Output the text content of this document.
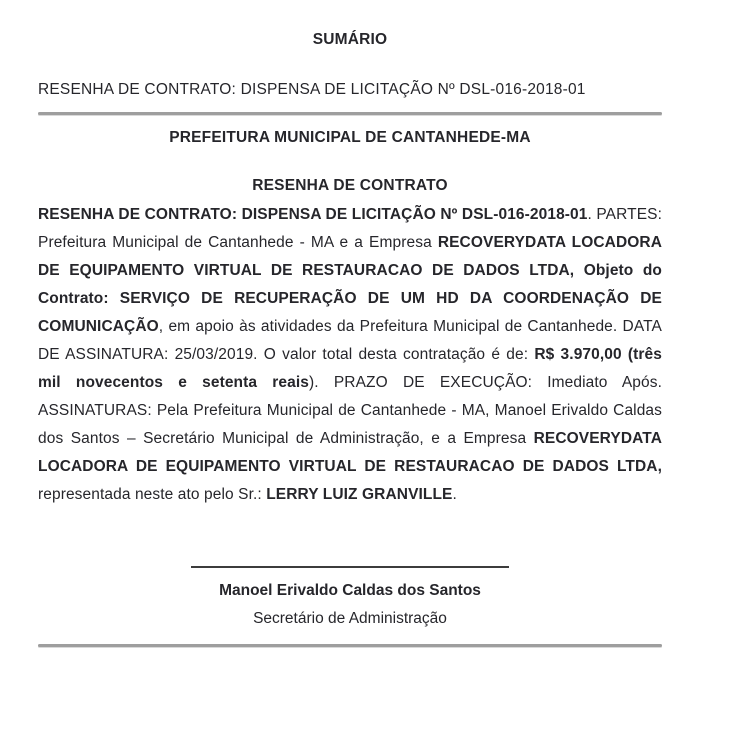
SUMÁRIO
RESENHA DE CONTRATO: DISPENSA DE LICITAÇÃO Nº DSL-016-2018-01
PREFEITURA MUNICIPAL DE CANTANHEDE-MA
RESENHA DE CONTRATO

RESENHA DE CONTRATO: DISPENSA DE LICITAÇÃO Nº DSL-016-2018-01. PARTES: Prefeitura Municipal de Cantanhede - MA e a Empresa RECOVERYDATA LOCADORA DE EQUIPAMENTO VIRTUAL DE RESTAURACAO DE DADOS LTDA, Objeto do Contrato: SERVIÇO DE RECUPERAÇÃO DE UM HD DA COORDENAÇÃO DE COMUNICAÇÃO, em apoio às atividades da Prefeitura Municipal de Cantanhede. DATA DE ASSINATURA: 25/03/2019. O valor total desta contratação é de: R$ 3.970,00 (três mil novecentos e setenta reais). PRAZO DE EXECUÇÃO: Imediato Após. ASSINATURAS: Pela Prefeitura Municipal de Cantanhede - MA, Manoel Erivaldo Caldas dos Santos – Secretário Municipal de Administração, e a Empresa RECOVERYDATA LOCADORA DE EQUIPAMENTO VIRTUAL DE RESTAURACAO DE DADOS LTDA, representada neste ato pelo Sr.: LERRY LUIZ GRANVILLE.

Manoel Erivaldo Caldas dos Santos
Secretário de Administração
